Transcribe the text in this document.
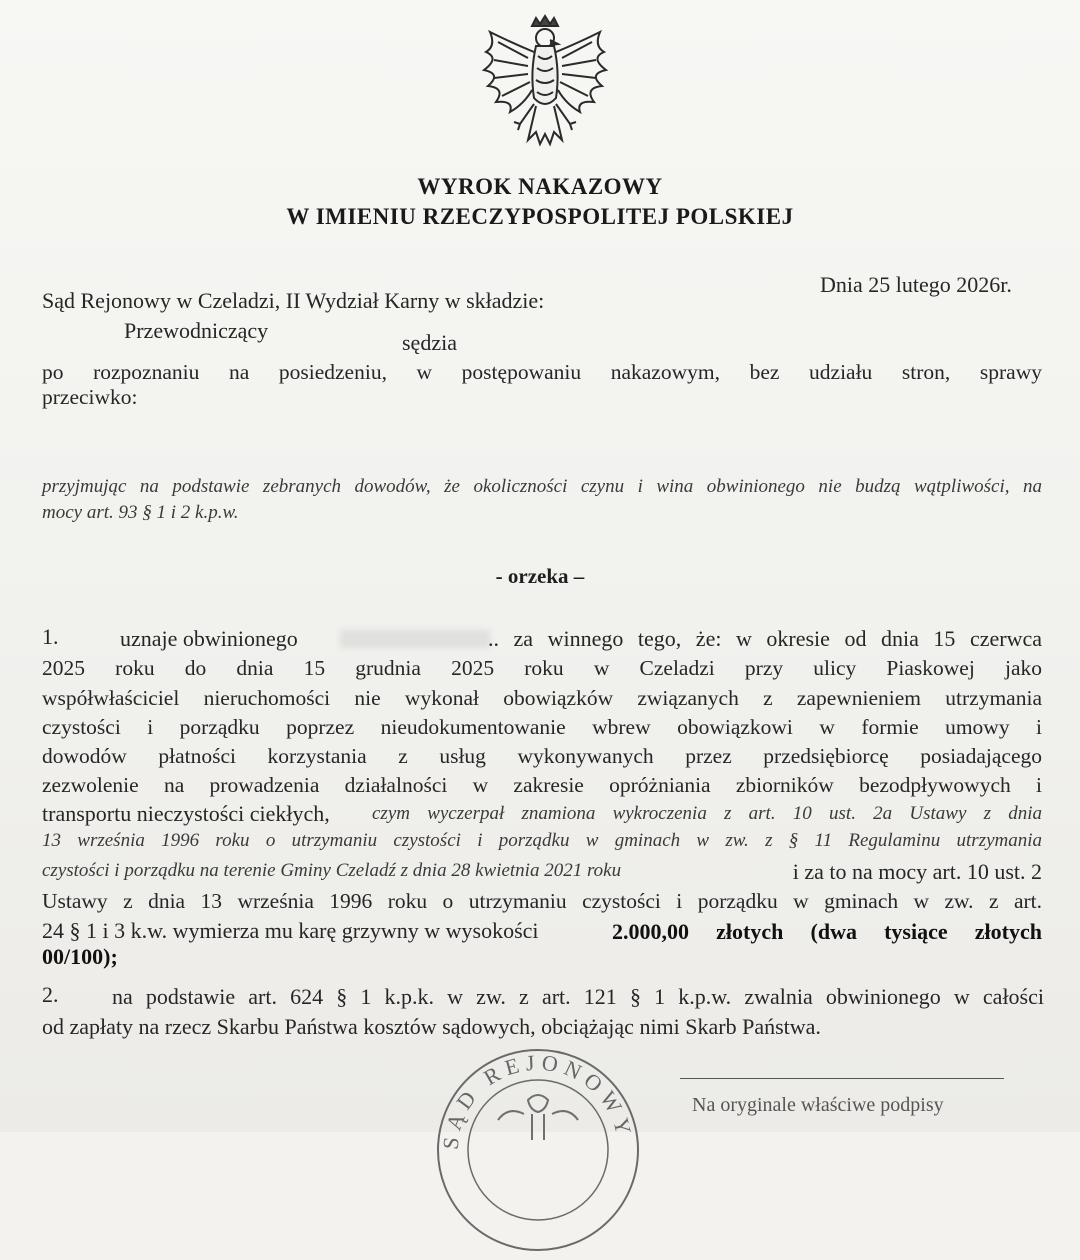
WYROK NAKAZOWY
W IMIENIU RZECZYPOSPOLITEJ POLSKIEJ
Dnia 25 lutego 2026r.
Sąd Rejonowy w Czeladzi, II Wydział Karny w składzie:
Przewodniczący	sędzia
po rozpoznaniu na posiedzeniu, w postępowaniu nakazowym, bez udziału stron, sprawy
przeciwko:
przyjmując na podstawie zebranych dowodów, że okoliczności czynu i wina obwinionego nie budzą wątpliwości, na
mocy art. 93 § 1 i 2 k.p.w.
- orzeka –
1.	uznaje obwinionego	.. za winnego tego, że: w okresie od dnia 15 czerwca
2025 roku do dnia 15 grudnia 2025 roku w Czeladzi przy ulicy Piaskowej jako
współwłaściciel nieruchomości nie wykonał obowiązków związanych z zapewnieniem utrzymania
czystości i porządku poprzez nieudokumentowanie wbrew obowiązkowi w formie umowy i
dowodów płatności korzystania z usług wykonywanych przez przedsiębiorcę posiadającego
zezwolenie na prowadzenia działalności w zakresie opróżniania zbiorników bezodpływowych i
transportu nieczystości ciekłych, czym wyczerpał znamiona wykroczenia z art. 10 ust. 2a Ustawy z dnia
13 września 1996 roku o utrzymaniu czystości i porządku w gminach w zw. z § 11 Regulaminu utrzymania
czystości i porządku na terenie Gminy Czeladź z dnia 28 kwietnia 2021 roku	i za to na mocy art. 10 ust. 2
Ustawy z dnia 13 września 1996 roku o utrzymaniu czystości i porządku w gminach w zw. z art.
24 § 1 i 3 k.w. wymierza mu karę grzywny w wysokości	2.000,00 złotych (dwa tysiące złotych
00/100);
2. na podstawie art. 624 § 1 k.p.k. w zw. z art. 121 § 1 k.p.w. zwalnia obwinionego w całości
od zapłaty na rzecz Skarbu Państwa kosztów sądowych, obciążając nimi Skarb Państwa.
SĄD REJONOWY
Na oryginale właściwe podpisy
